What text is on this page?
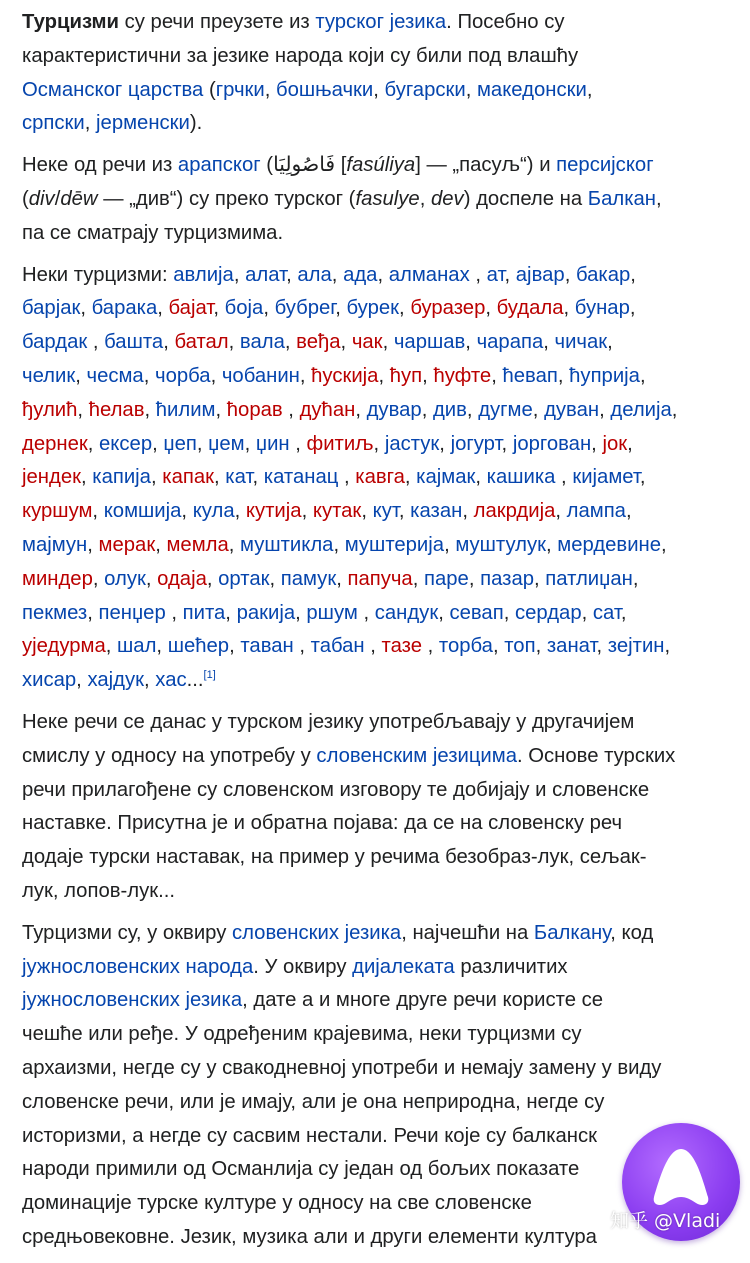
Турцизми су речи преузете из турског језика. Посебно су
карактеристични за језике народа који су били под влашћу
Османског царства (грчки, бошњачки, бугарски, македонски,
српски, јерменски).

Неке од речи из арапског (فَاصُولِيَا [fasúliya] — „пасуљ“) и персијског
(div/dēw — „див“) су преко турског (fasulye, dev) доспеле на Балкан,
па се сматрају турцизмима.

Неки турцизми: авлија, алат, ала, ада, алманах , ат, ајвар, бакар,
барјак, барака, бајат, боја, бубрег, бурек, буразер, будала, бунар,
бардак , башта, батал, вала, веђа, чак, чаршав, чарапа, чичак,
челик, чесма, чорба, чобанин, ћускија, ћуп, ћуфте, ћевап, ћуприја,
ђулић, ћелав, ћилим, ћорав , дућан, дувар, див, дугме, дуван, делија,
дернек, ексер, џеп, џем, џин , фитиљ, јастук, јогурт, јоргован, јок,
јендек, капија, капак, кат, катанац , кавга, кајмак, кашика , кијамет,
куршум, комшија, кула, кутија, кутак, кут, казан, лакрдија, лампа,
мајмун, мерак, мемла, муштикла, муштерија, муштулук, мердевине,
миндер, олук, одаја, ортак, памук, папуча, паре, пазар, патлиџан,
пекмез, пенџер , пита, ракија, ршум , сандук, севап, сердар, сат,
уједурма, шал, шећер, таван , табан , тазе , торба, топ, занат, зејтин,
хисар, хајдук, хас...[1]

Неке речи се данас у турском језику употребљавају у другачијем
смислу у односу на употребу у словенским језицима. Основе турских
речи прилагођене су словенском изговору те добијају и словенске
наставке. Присутна је и обратна појава: да се на словенску реч
додаје турски наставак, на пример у речима безобраз-лук, сељак-
лук, лопов-лук...

Турцизми су, у оквиру словенских језика, најчешћи на Балкану, код
јужнословенских народа. У оквиру дијалеката различитих
јужнословенских језика, дате а и многе друге речи користе се
чешће или ређе. У одређеним крајевима, неки турцизми су
архаизми, негде су у свакодневној употреби и немају замену у виду
словенске речи, или је имају, али је она неприродна, негде су
историзми, а негде су сасвим нестали. Речи које су балканск
народи примили од Османлија су један од бољих показате
доминације турске културе у односу на све словенске
средњовековне. Језик, музика али и други елементи култура

知乎 @Vladi
